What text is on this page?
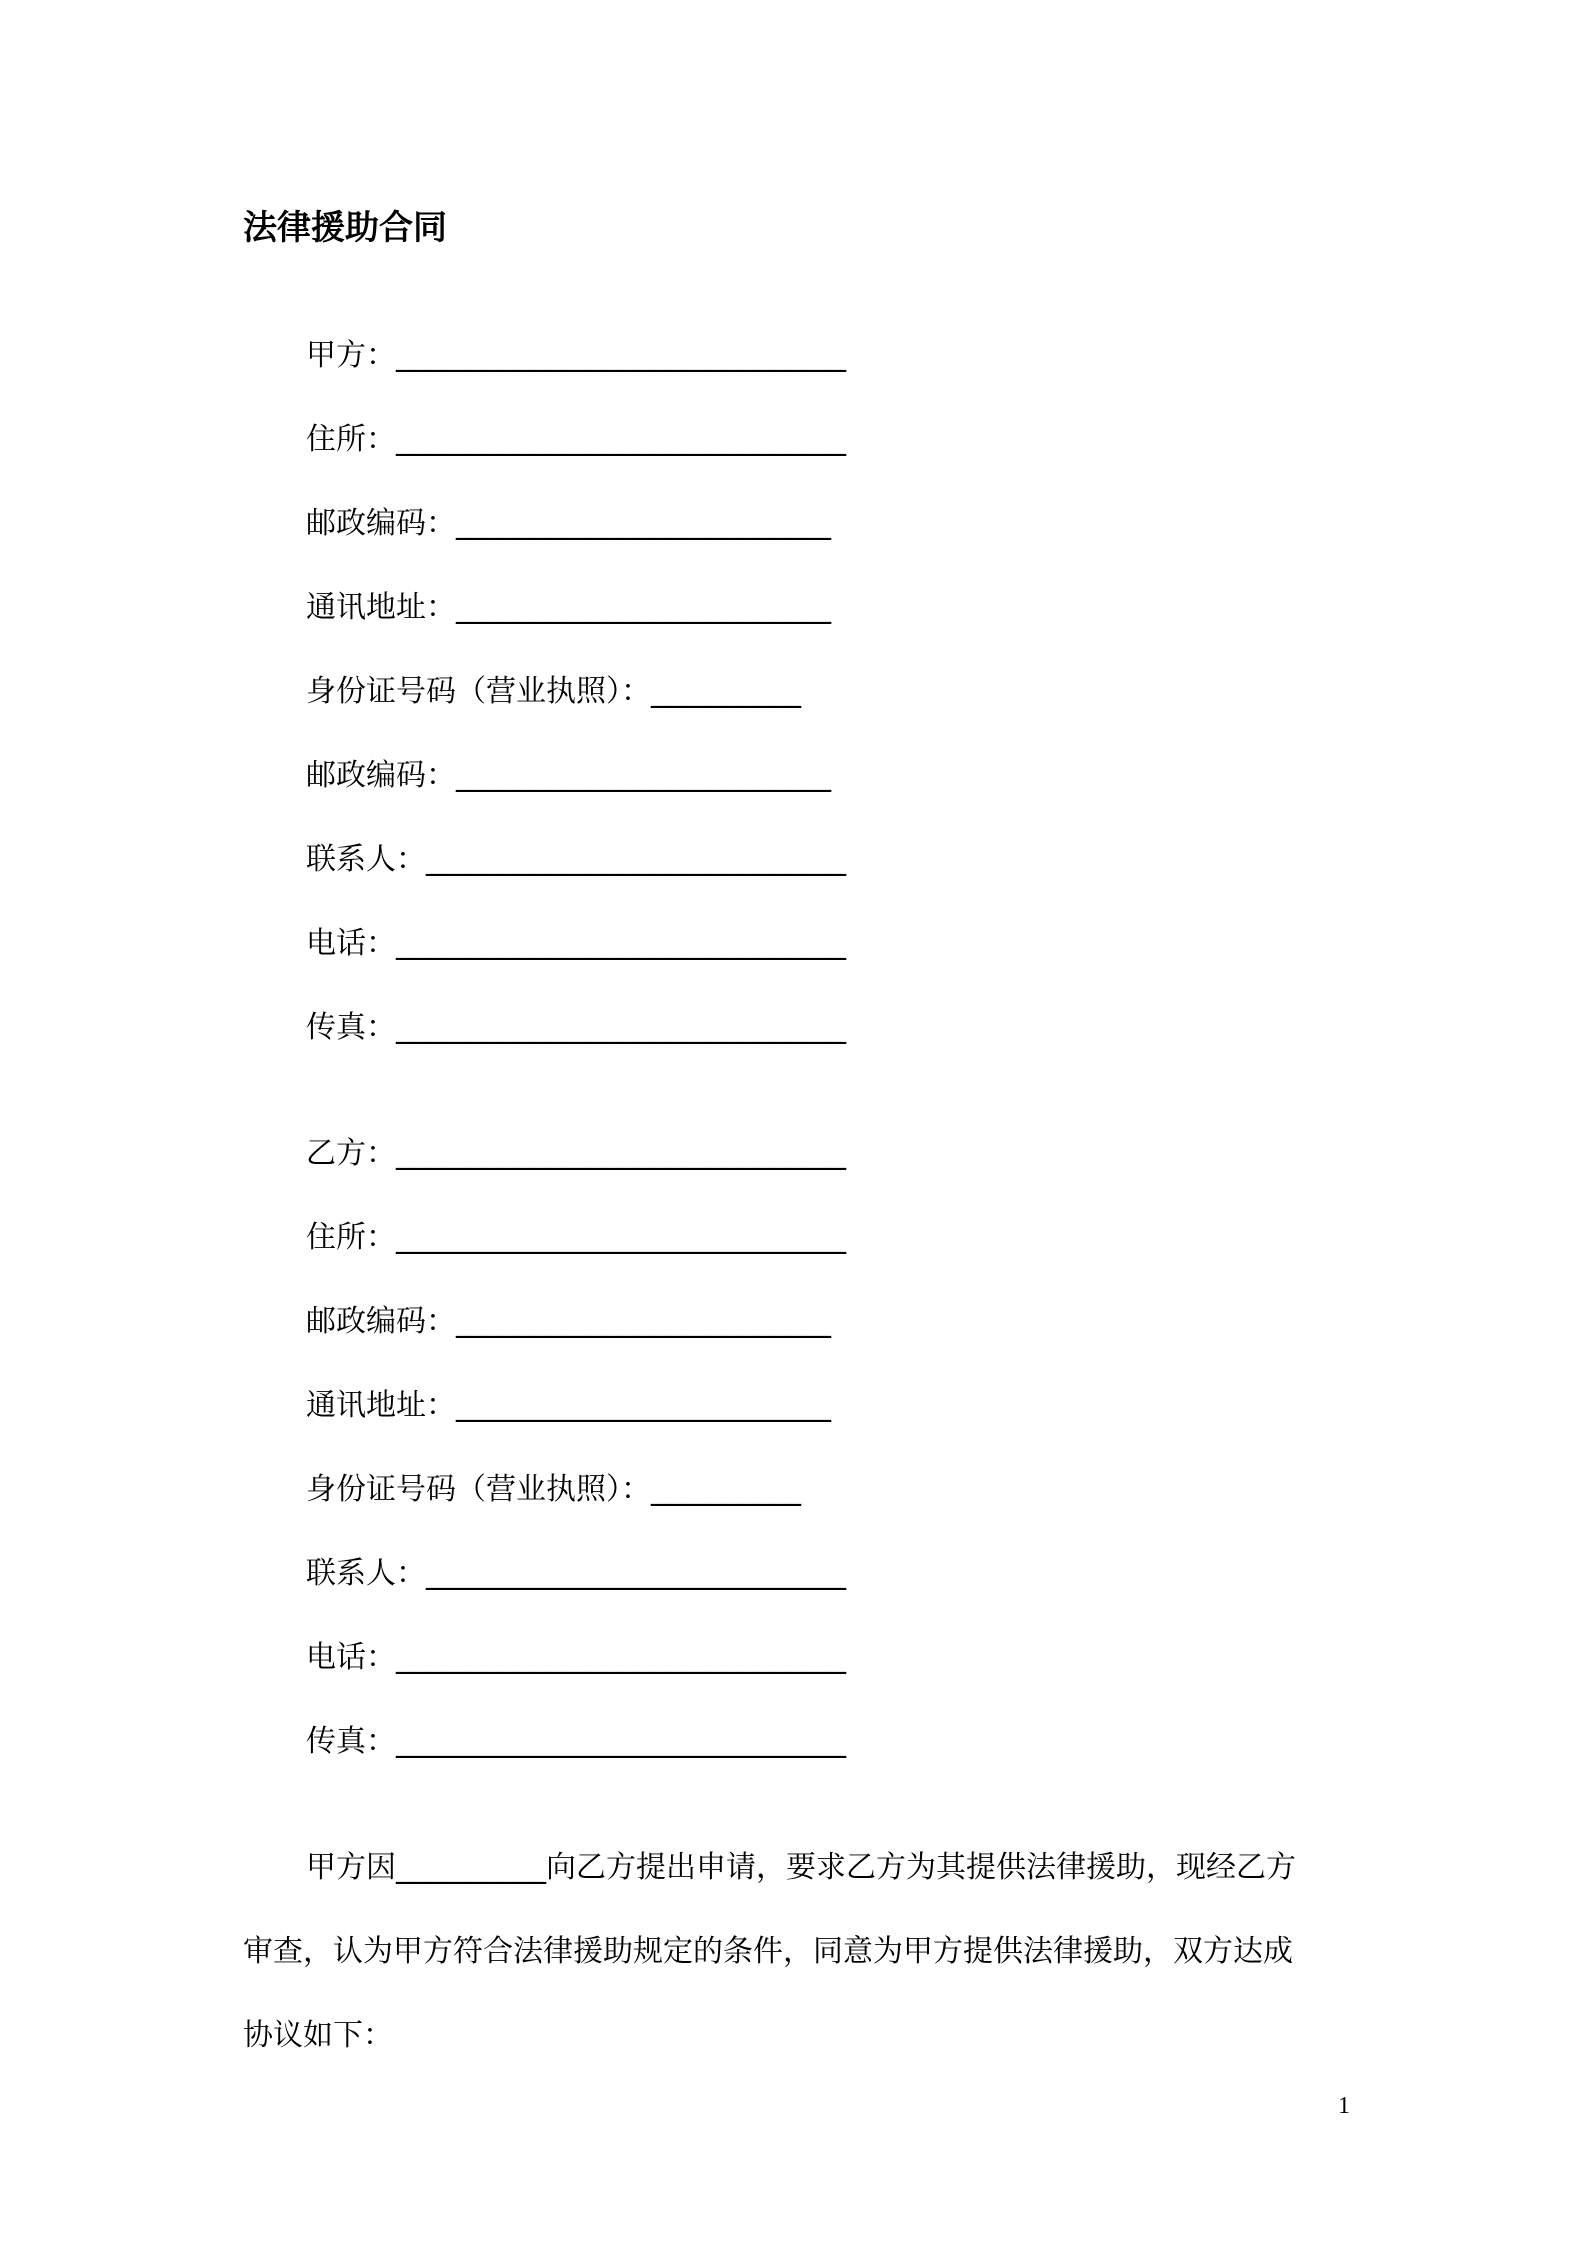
法律援助合同
甲方：______________________________
住所：______________________________
邮政编码：_________________________
通讯地址：_________________________
身份证号码（营业执照）：__________
邮政编码：_________________________
联系人：____________________________
电话：______________________________
传真：______________________________
乙方：______________________________
住所：______________________________
邮政编码：_________________________
通讯地址：_________________________
身份证号码（营业执照）：__________
联系人：____________________________
电话：______________________________
传真：______________________________
甲方因__________向乙方提出申请，要求乙方为其提供法律援助，现经乙方
审查，认为甲方符合法律援助规定的条件，同意为甲方提供法律援助，双方达成
协议如下：
1
